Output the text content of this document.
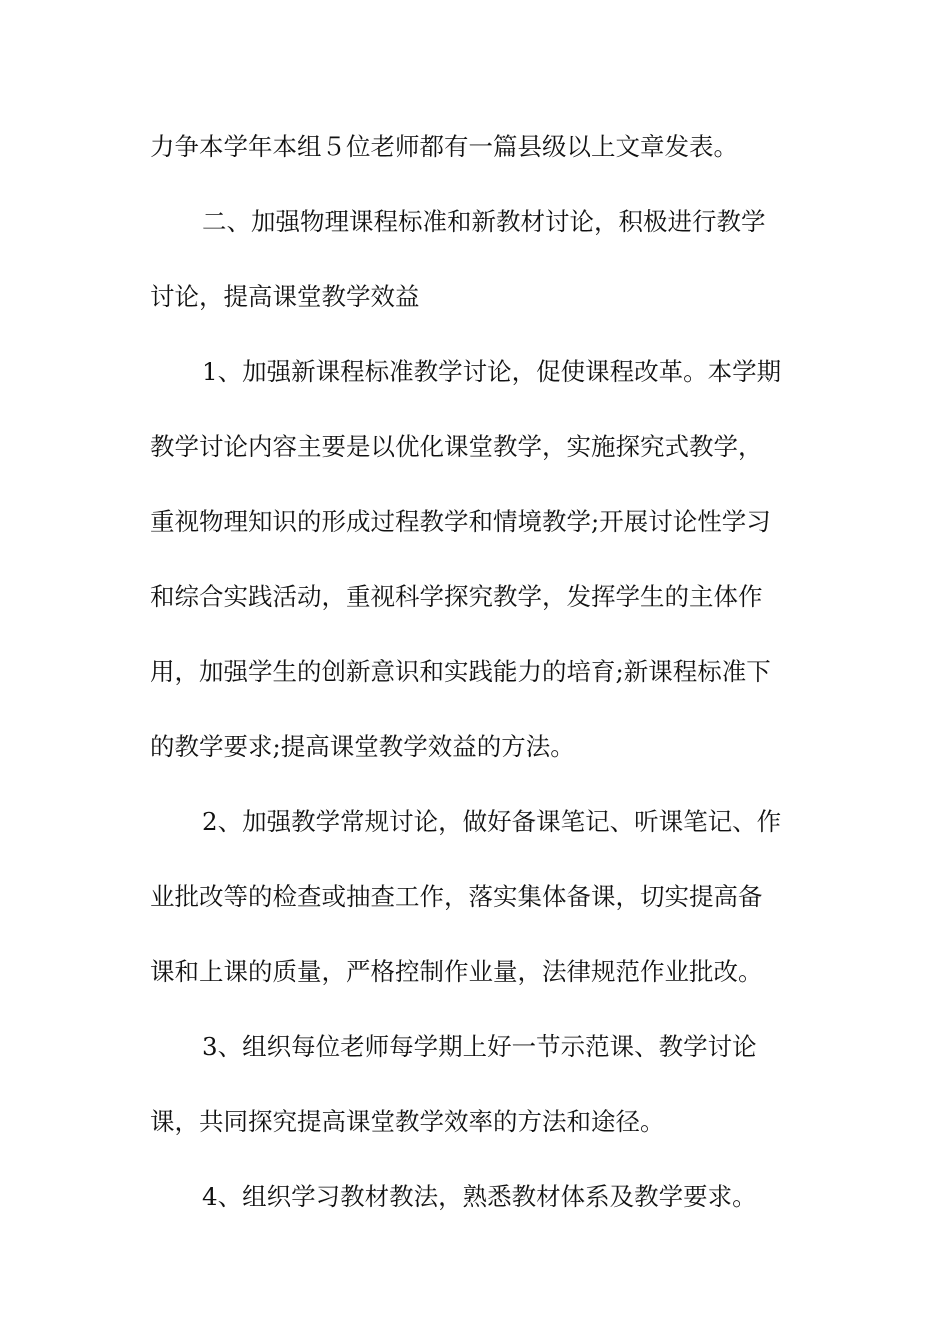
力争本学年本组５位老师都有一篇县级以上文章发表。
二、加强物理课程标准和新教材讨论，积极进行教学
讨论，提高课堂教学效益
1、加强新课程标准教学讨论，促使课程改革。本学期
教学讨论内容主要是以优化课堂教学，实施探究式教学，
重视物理知识的形成过程教学和情境教学;开展讨论性学习
和综合实践活动，重视科学探究教学，发挥学生的主体作
用，加强学生的创新意识和实践能力的培育;新课程标准下
的教学要求;提高课堂教学效益的方法。
2、加强教学常规讨论，做好备课笔记、听课笔记、作
业批改等的检查或抽查工作，落实集体备课，切实提高备
课和上课的质量，严格控制作业量，法律规范作业批改。
3、组织每位老师每学期上好一节示范课、教学讨论
课，共同探究提高课堂教学效率的方法和途径。
4、组织学习教材教法，熟悉教材体系及教学要求。
